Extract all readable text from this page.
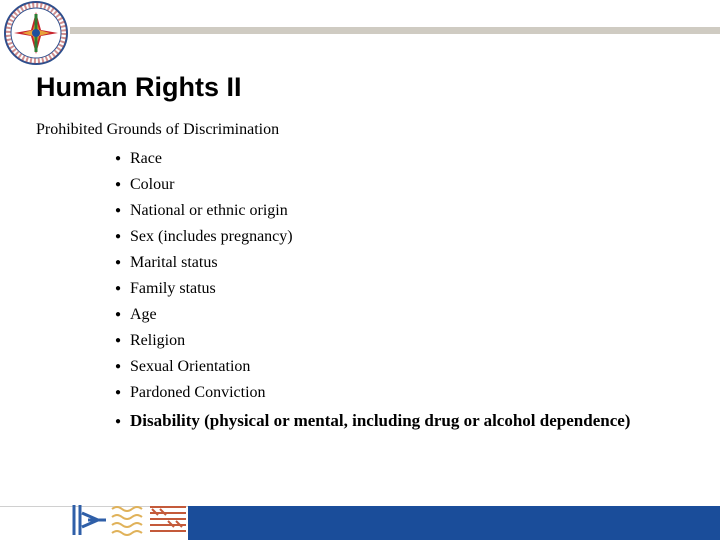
Human Rights II
Prohibited Grounds of Discrimination
● Race
● Colour
● National or ethnic origin
● Sex (includes pregnancy)
● Marital status
● Family status
● Age
● Religion
● Sexual Orientation
● Pardoned Conviction
● Disability (physical or mental, including drug or alcohol dependence)
